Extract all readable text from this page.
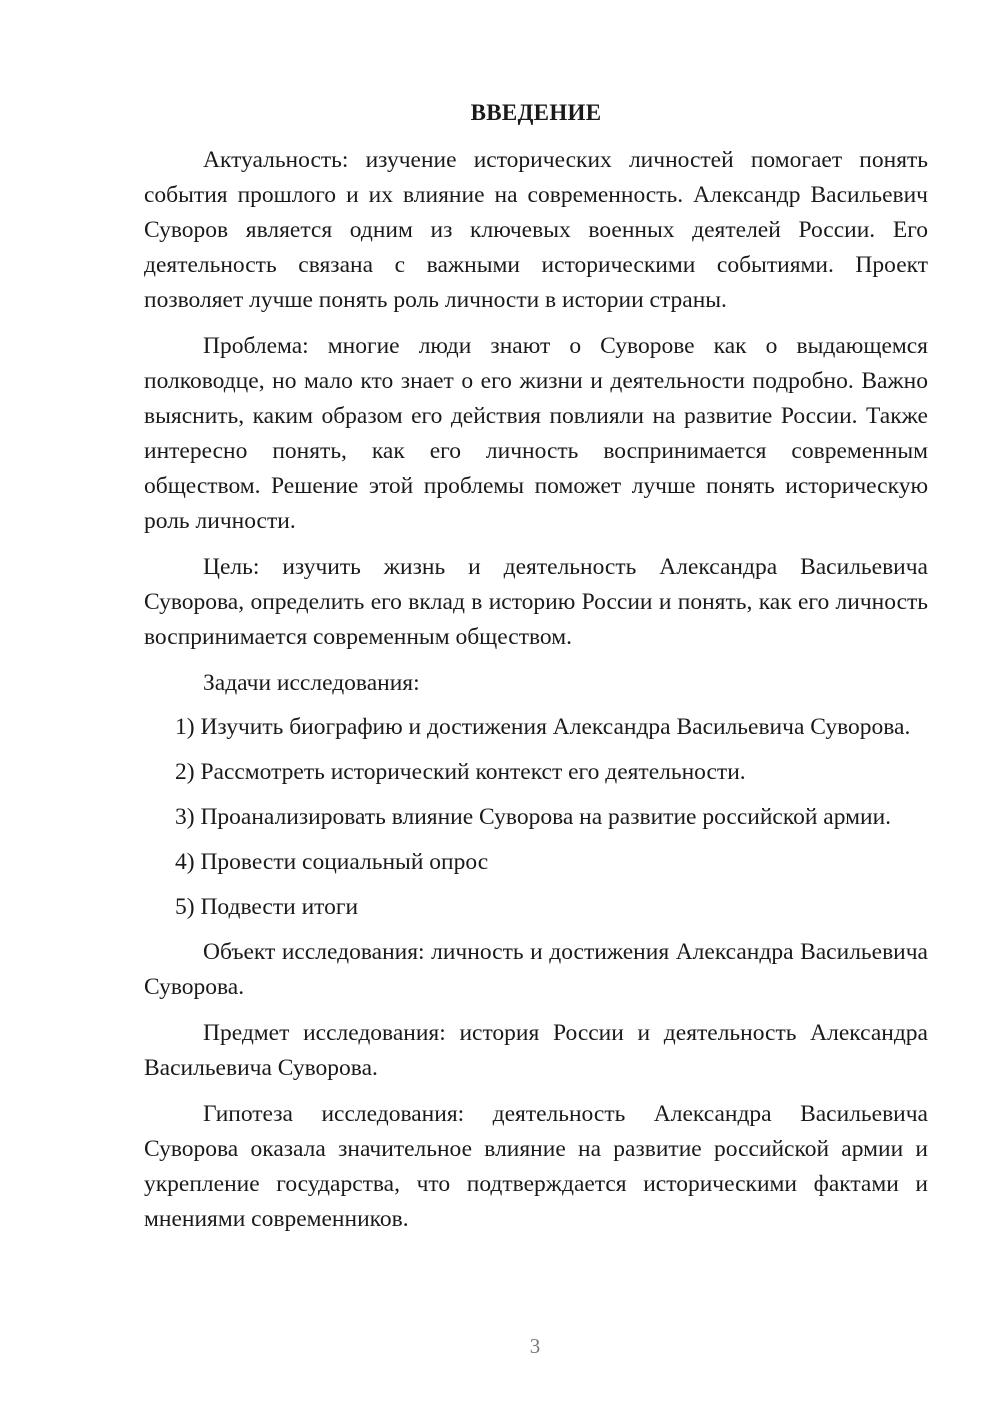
ВВЕДЕНИЕ

Актуальность: изучение исторических личностей помогает понять события прошлого и их влияние на современность. Александр Васильевич Суворов является одним из ключевых военных деятелей России. Его деятельность связана с важными историческими событиями. Проект позволяет лучше понять роль личности в истории страны.

Проблема: многие люди знают о Суворове как о выдающемся полководце, но мало кто знает о его жизни и деятельности подробно. Важно выяснить, каким образом его действия повлияли на развитие России. Также интересно понять, как его личность воспринимается современным обществом. Решение этой проблемы поможет лучше понять историческую роль личности.

Цель: изучить жизнь и деятельность Александра Васильевича Суворова, определить его вклад в историю России и понять, как его личность воспринимается современным обществом.

Задачи исследования:

1) Изучить биографию и достижения Александра Васильевича Суворова.

2) Рассмотреть исторический контекст его деятельности.

3) Проанализировать влияние Суворова на развитие российской армии.

4) Провести социальный опрос

5) Подвести итоги

Объект исследования: личность и достижения Александра Васильевича Суворова.

Предмет исследования: история России и деятельность Александра Васильевича Суворова.

Гипотеза исследования: деятельность Александра Васильевича Суворова оказала значительное влияние на развитие российской армии и укрепление государства, что подтверждается историческими фактами и мнениями современников.

3
